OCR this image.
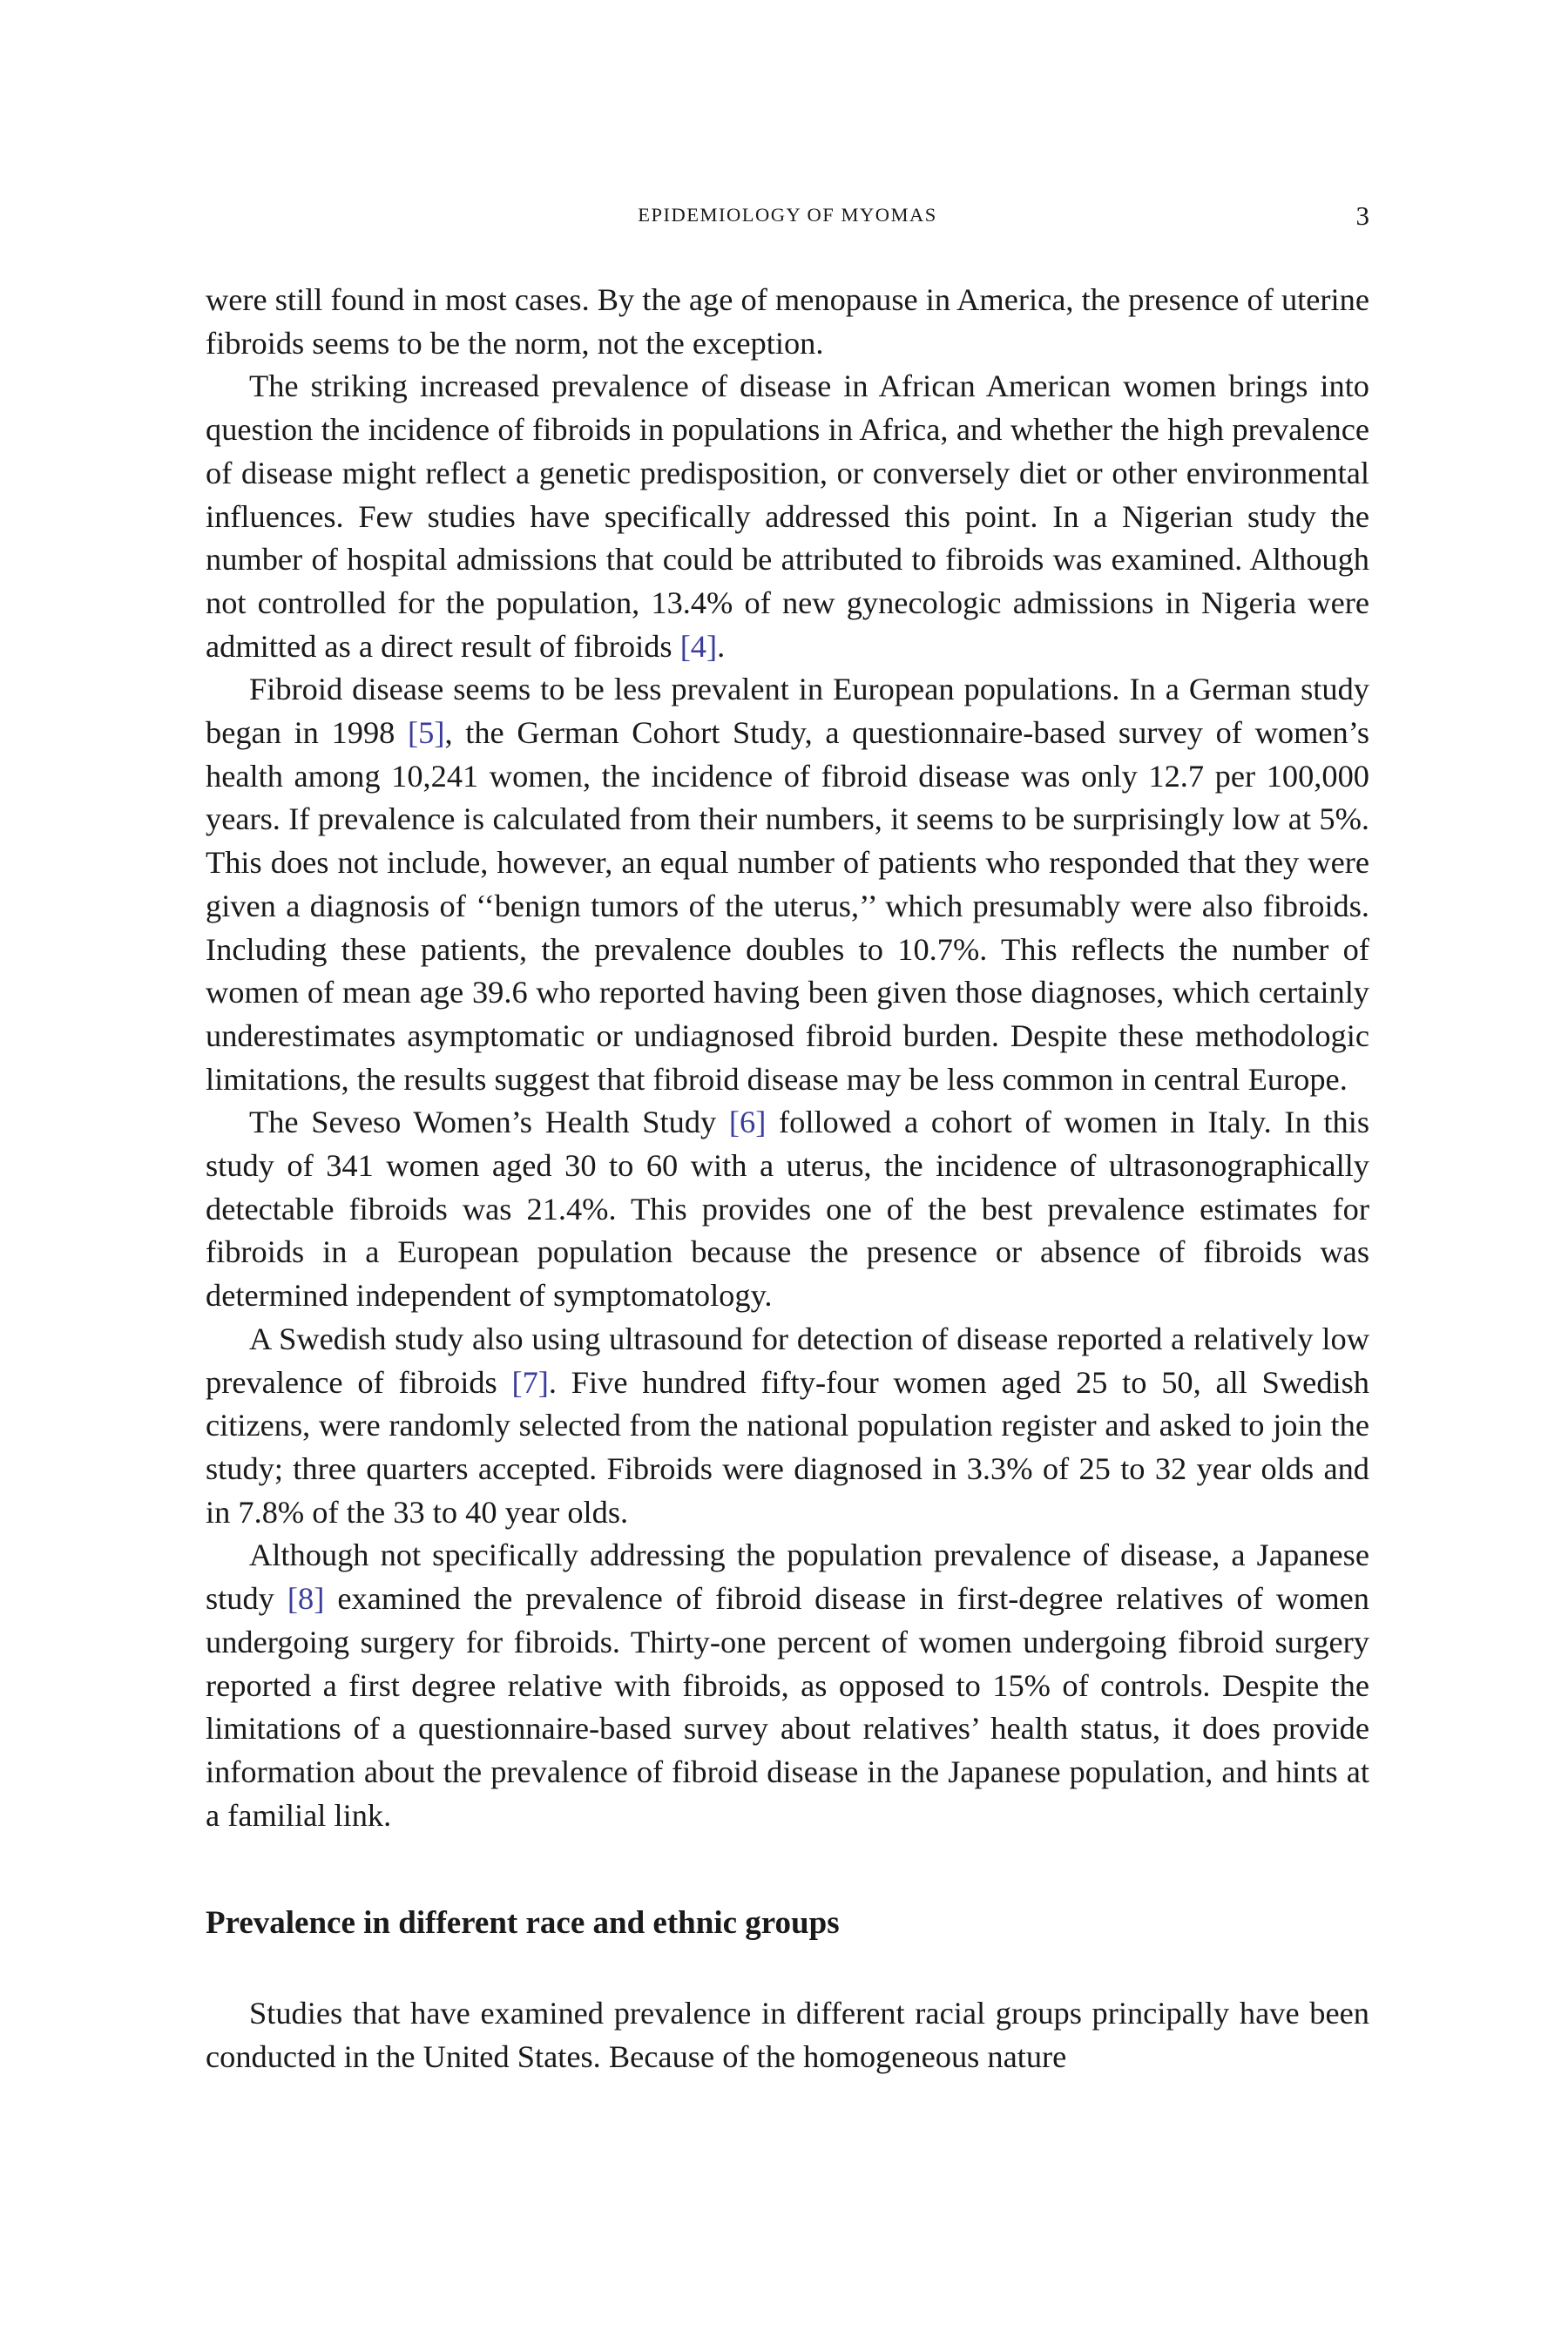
EPIDEMIOLOGY OF MYOMAS	3

were still found in most cases. By the age of menopause in America, the presence of uterine fibroids seems to be the norm, not the exception.

The striking increased prevalence of disease in African American women brings into question the incidence of fibroids in populations in Africa, and whether the high prevalence of disease might reflect a genetic predisposition, or conversely diet or other environmental influences. Few studies have specifically addressed this point. In a Nigerian study the number of hospital admissions that could be attributed to fibroids was examined. Although not controlled for the population, 13.4% of new gynecologic admissions in Nigeria were admitted as a direct result of fibroids [4].

Fibroid disease seems to be less prevalent in European populations. In a German study began in 1998 [5], the German Cohort Study, a questionnaire-based survey of women’s health among 10,241 women, the incidence of fibroid disease was only 12.7 per 100,000 years. If prevalence is calculated from their numbers, it seems to be surprisingly low at 5%. This does not include, however, an equal number of patients who responded that they were given a diagnosis of ‘‘benign tumors of the uterus,’’ which presumably were also fibroids. Including these patients, the prevalence doubles to 10.7%. This reflects the number of women of mean age 39.6 who reported having been given those diagnoses, which certainly underestimates asymptomatic or undiagnosed fibroid burden. Despite these methodologic limitations, the results suggest that fibroid disease may be less common in central Europe.

The Seveso Women’s Health Study [6] followed a cohort of women in Italy. In this study of 341 women aged 30 to 60 with a uterus, the incidence of ultrasonographically detectable fibroids was 21.4%. This provides one of the best prevalence estimates for fibroids in a European population because the presence or absence of fibroids was determined independent of symptomatology.

A Swedish study also using ultrasound for detection of disease reported a relatively low prevalence of fibroids [7]. Five hundred fifty-four women aged 25 to 50, all Swedish citizens, were randomly selected from the national population register and asked to join the study; three quarters accepted. Fibroids were diagnosed in 3.3% of 25 to 32 year olds and in 7.8% of the 33 to 40 year olds.

Although not specifically addressing the population prevalence of disease, a Japanese study [8] examined the prevalence of fibroid disease in first-degree relatives of women undergoing surgery for fibroids. Thirty-one percent of women undergoing fibroid surgery reported a first degree relative with fibroids, as opposed to 15% of controls. Despite the limitations of a questionnaire-based survey about relatives’ health status, it does provide information about the prevalence of fibroid disease in the Japanese population, and hints at a familial link.

Prevalence in different race and ethnic groups

Studies that have examined prevalence in different racial groups principally have been conducted in the United States. Because of the homogeneous nature
